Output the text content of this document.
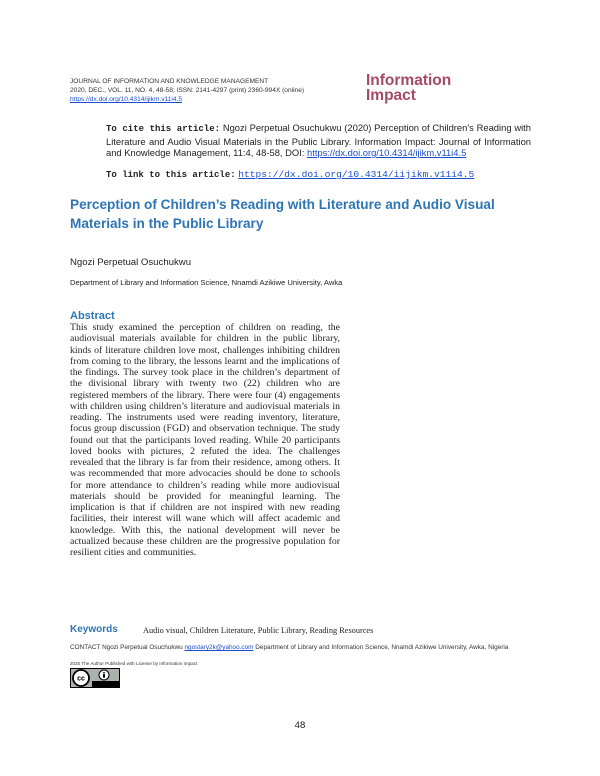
JOURNAL OF INFORMATION AND KNOWLEDGE MANAGEMENT
2020, DEC., VOL. 11, NO. 4, 48-58; ISSN: 2141-4297 (print) 2360-994X (online)
https://dx.doi.org/10.4314/ijikm.v11i4.5
Information
Impact
To cite this article: Ngozi Perpetual Osuchukwu (2020) Perception of Children's Reading with Literature and Audio Visual Materials in the Public Library. Information Impact: Journal of Information and Knowledge Management, 11:4, 48-58, DOI: https://dx.doi.org/10.4314/ijikm.v11i4.5
To link to this article: https://dx.doi.org/10.4314/iijikm.v11i4.5
Perception of Children’s Reading with Literature and Audio Visual Materials in the Public Library
Ngozi Perpetual Osuchukwu
Department of Library and Information Science, Nnamdi Azikiwe University, Awka
Abstract

This study examined the perception of children on reading, the audiovisual materials available for children in the public library, kinds of literature children love most, challenges inhibiting children from coming to the library, the lessons learnt and the implications of the findings. The survey took place in the children’s department of the divisional library with twenty two (22) children who are registered members of the library. There were four (4) engagements with children using children’s literature and audiovisual materials in reading. The instruments used were reading inventory, literature, focus group discussion (FGD) and observation technique. The study found out that the participants loved reading. While 20 participants loved books with pictures, 2 refuted the idea. The challenges revealed that the library is far from their residence, among others. It was recommended that more advocacies should be done to schools for more attendance to children’s reading while more audiovisual materials should be provided for meaningful learning. The implication is that if children are not inspired with new reading facilities, their interest will wane which will affect academic and knowledge. With this, the national development will never be actualized because these children are the progressive population for resilient cities and communities.

Keywords	Audio visual, Children Literature, Public Library, Reading Resources
CONTACT Ngozi Perpetual Osuchukwu ngostary2k@yahoo.com Department of Library and Information Science, Nnamdi Azikiwe University, Awka, Nigeria
2020 The Author Published with License by Information Impact
cc
48
